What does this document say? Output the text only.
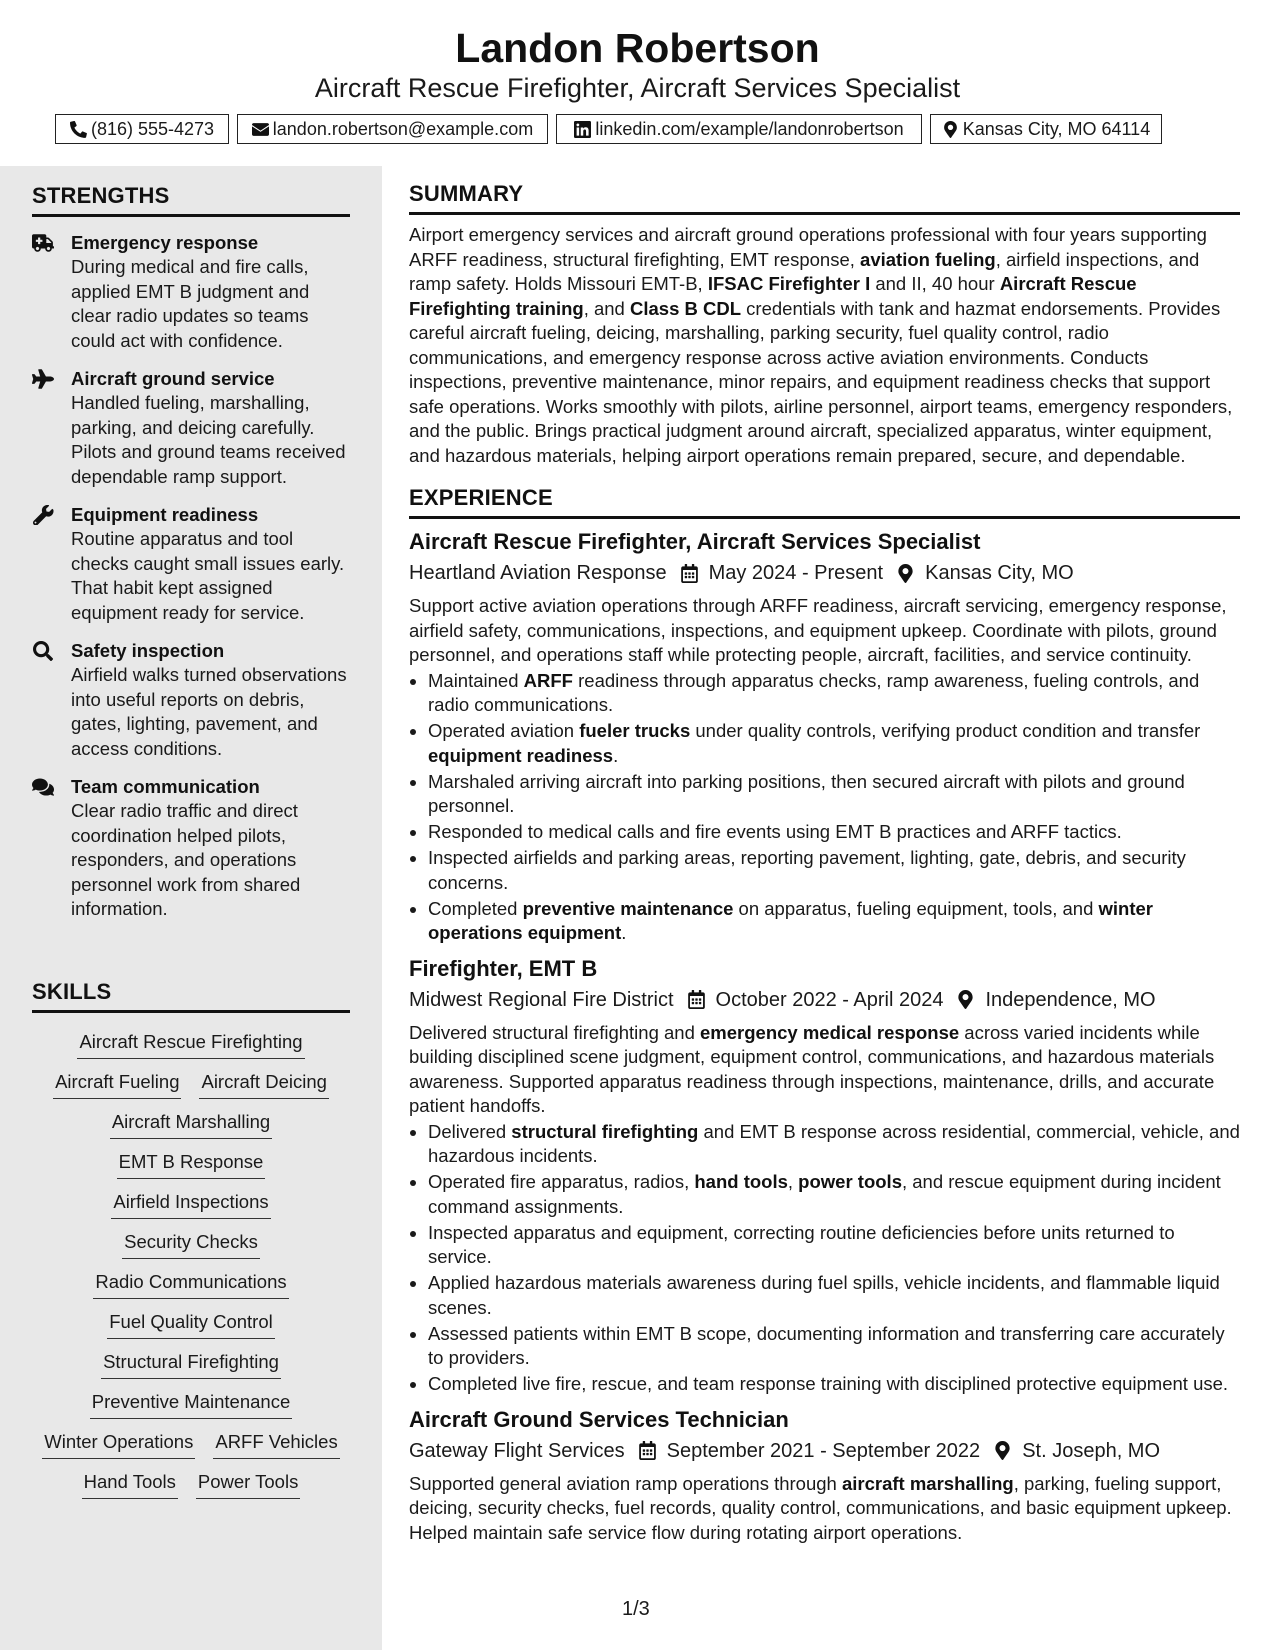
Landon Robertson
Aircraft Rescue Firefighter, Aircraft Services Specialist
(816) 555-4273	landon.robertson@example.com	linkedin.com/example/landonrobertson	Kansas City, MO 64114
STRENGTHS
Emergency response
During medical and fire calls, applied EMT B judgment and clear radio updates so teams could act with confidence.
Aircraft ground service
Handled fueling, marshalling, parking, and deicing carefully. Pilots and ground teams received dependable ramp support.
Equipment readiness
Routine apparatus and tool checks caught small issues early. That habit kept assigned equipment ready for service.
Safety inspection
Airfield walks turned observations into useful reports on debris, gates, lighting, pavement, and access conditions.
Team communication
Clear radio traffic and direct coordination helped pilots, responders, and operations personnel work from shared information.
SKILLS
Aircraft Rescue Firefighting
Aircraft Fueling Aircraft Deicing
Aircraft Marshalling
EMT B Response
Airfield Inspections
Security Checks
Radio Communications
Fuel Quality Control
Structural Firefighting
Preventive Maintenance
Winter Operations ARFF Vehicles
Hand Tools Power Tools
SUMMARY
Airport emergency services and aircraft ground operations professional with four years supporting ARFF readiness, structural firefighting, EMT response, aviation fueling, airfield inspections, and ramp safety. Holds Missouri EMT-B, IFSAC Firefighter I and II, 40 hour Aircraft Rescue Firefighting training, and Class B CDL credentials with tank and hazmat endorsements. Provides careful aircraft fueling, deicing, marshalling, parking security, fuel quality control, radio communications, and emergency response across active aviation environments. Conducts inspections, preventive maintenance, minor repairs, and equipment readiness checks that support safe operations. Works smoothly with pilots, airline personnel, airport teams, emergency responders, and the public. Brings practical judgment around aircraft, specialized apparatus, winter equipment, and hazardous materials, helping airport operations remain prepared, secure, and dependable.
EXPERIENCE
Aircraft Rescue Firefighter, Aircraft Services Specialist
Heartland Aviation Response May 2024 - Present Kansas City, MO
Support active aviation operations through ARFF readiness, aircraft servicing, emergency response, airfield safety, communications, inspections, and equipment upkeep. Coordinate with pilots, ground personnel, and operations staff while protecting people, aircraft, facilities, and service continuity.
• Maintained ARFF readiness through apparatus checks, ramp awareness, fueling controls, and radio communications.
• Operated aviation fueler trucks under quality controls, verifying product condition and transfer equipment readiness.
• Marshaled arriving aircraft into parking positions, then secured aircraft with pilots and ground personnel.
• Responded to medical calls and fire events using EMT B practices and ARFF tactics.
• Inspected airfields and parking areas, reporting pavement, lighting, gate, debris, and security concerns.
• Completed preventive maintenance on apparatus, fueling equipment, tools, and winter operations equipment.
Firefighter, EMT B
Midwest Regional Fire District October 2022 - April 2024 Independence, MO
Delivered structural firefighting and emergency medical response across varied incidents while building disciplined scene judgment, equipment control, communications, and hazardous materials awareness. Supported apparatus readiness through inspections, maintenance, drills, and accurate patient handoffs.
• Delivered structural firefighting and EMT B response across residential, commercial, vehicle, and hazardous incidents.
• Operated fire apparatus, radios, hand tools, power tools, and rescue equipment during incident command assignments.
• Inspected apparatus and equipment, correcting routine deficiencies before units returned to service.
• Applied hazardous materials awareness during fuel spills, vehicle incidents, and flammable liquid scenes.
• Assessed patients within EMT B scope, documenting information and transferring care accurately to providers.
• Completed live fire, rescue, and team response training with disciplined protective equipment use.
Aircraft Ground Services Technician
Gateway Flight Services September 2021 - September 2022 St. Joseph, MO
Supported general aviation ramp operations through aircraft marshalling, parking, fueling support, deicing, security checks, fuel records, quality control, communications, and basic equipment upkeep. Helped maintain safe service flow during rotating airport operations.
1/3
